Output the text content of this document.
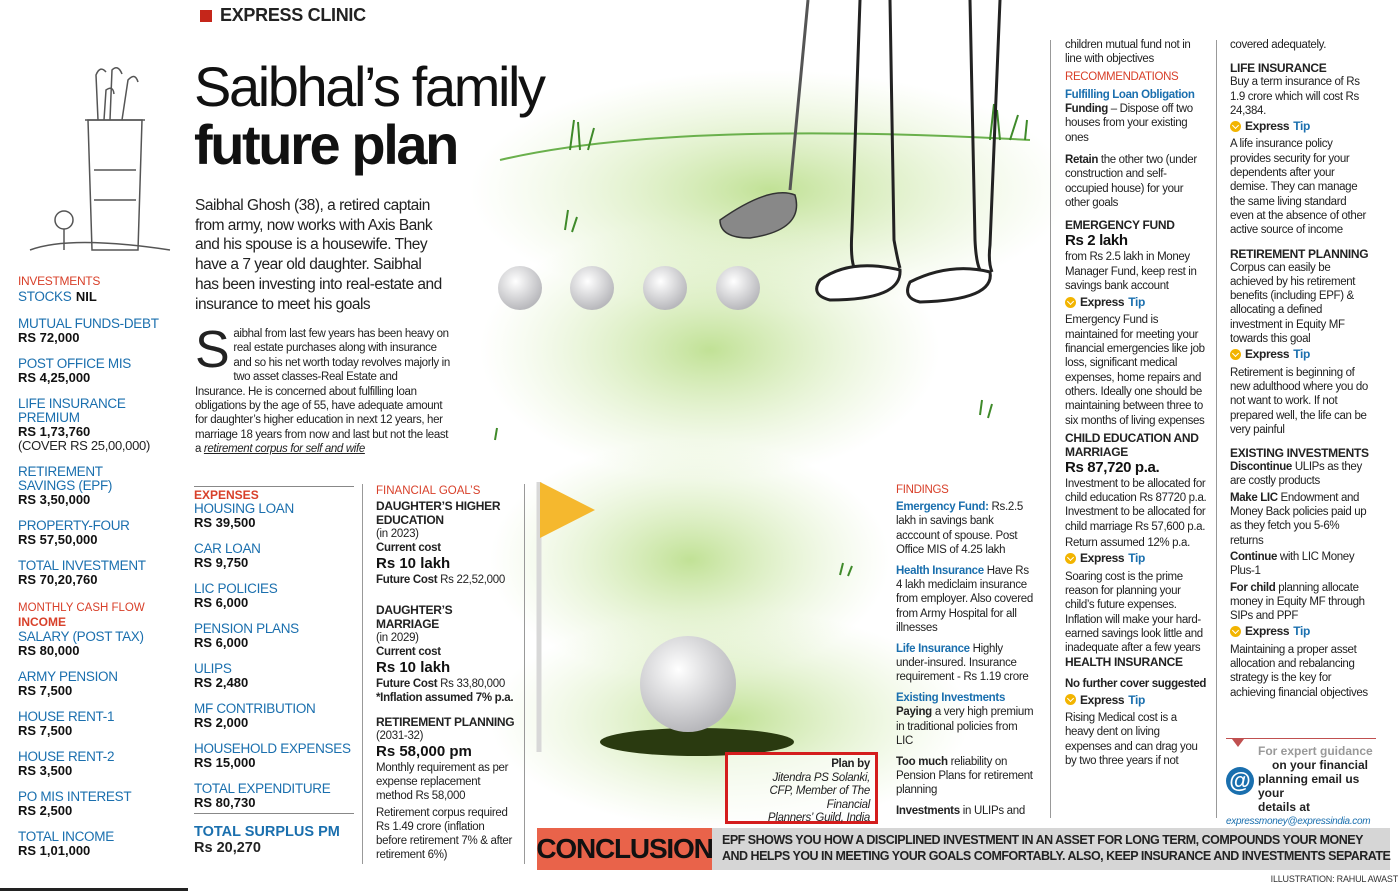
EXPRESS CLINIC
Saibhal’s family
future plan
Saibhal Ghosh (38), a retired captain from army, now works with Axis Bank and his spouse is a housewife. They have a 7 year old daughter. Saibhal has been investing into real-estate and insurance to meet his goals
S aibhal from last few years has been heavy on real estate purchases along with insurance and so his net worth today revolves majorly in two asset classes-Real Estate and Insurance. He is concerned about fulfilling loan obligations by the age of 55, have adequate amount for daughter’s higher education in next 12 years, her marriage 18 years from now and last but not the least a retirement corpus for self and wife
INVESTMENTS
STOCKS NIL
MUTUAL FUNDS-DEBT
RS 72,000
POST OFFICE MIS
RS 4,25,000
LIFE INSURANCE PREMIUM
RS 1,73,760
(COVER RS 25,00,000)
RETIREMENT
SAVINGS (EPF)
RS 3,50,000
PROPERTY-FOUR
RS 57,50,000
TOTAL INVESTMENT
RS 70,20,760
MONTHLY CASH FLOW
INCOME
SALARY (POST TAX)
RS 80,000
ARMY PENSION
RS 7,500
HOUSE RENT-1
RS 7,500
HOUSE RENT-2
RS 3,500
PO MIS INTEREST
RS 2,500
TOTAL INCOME
RS 1,01,000
EXPENSES
HOUSING LOAN
RS 39,500
CAR LOAN
RS 9,750
LIC POLICIES
RS 6,000
PENSION PLANS
RS 6,000
ULIPS
RS 2,480
MF CONTRIBUTION
RS 2,000
HOUSEHOLD EXPENSES
RS 15,000
TOTAL EXPENDITURE
RS 80,730
TOTAL SURPLUS PM
Rs 20,270
FINANCIAL GOAL’S
DAUGHTER’S HIGHER
EDUCATION
(in 2023)
Current cost
Rs 10 lakh
Future Cost Rs 22,52,000
DAUGHTER’S MARRIAGE
(in 2029)
Current cost
Rs 10 lakh
Future Cost Rs 33,80,000
*Inflation assumed 7% p.a.
RETIREMENT PLANNING
(2031-32)
Rs 58,000 pm
Monthly requirement as per expense replacement method Rs 58,000
Retirement corpus required Rs 1.49 crore (inflation before retirement 7% & after retirement 6%)
Plan by
Jitendra PS Solanki,
CFP, Member of The Financial
Planners’ Guild, India
FINDINGS

Emergency Fund: Rs.2.5 lakh in savings bank acccount of spouse. Post Office MIS of 4.25 lakh

Health Insurance Have Rs 4 lakh mediclaim insurance from employer. Also covered from Army Hospital for all illnesses

Life Insurance Highly under-insured. Insurance requirement - Rs 1.19 crore

Existing Investments Paying a very high premium in traditional policies from LIC

Too much reliability on Pension Plans for retirement planning

Investments in ULIPs and

children mutual fund not in line with objectives

RECOMMENDATIONS
Fulfilling Loan Obligation

Funding – Dispose off two houses from your existing ones

Retain the other two (under construction and self-occupied house) for your other goals

EMERGENCY FUND
Rs 2 lakh

from Rs 2.5 lakh in Money Manager Fund, keep rest in savings bank account

Express Tip

Emergency Fund is maintained for meeting your financial emergencies like job loss, significant medical expenses, home repairs and others. Ideally one should be maintaining between three to six months of living expenses

CHILD EDUCATION AND MARRIAGE
Rs 87,720 p.a.

Investment to be allocated for child education Rs 87720 p.a. Investment to be allocated for child marriage Rs 57,600 p.a.

Return assumed 12% p.a.

Express Tip

Soaring cost is the prime reason for planning your child’s future expenses. Inflation will make your hard-earned savings look little and inadequate after a few years

HEALTH INSURANCE

No further cover suggested

Express Tip

Rising Medical cost is a heavy dent on living expenses and can drag you by two three years if not

covered adequately.

LIFE INSURANCE

Buy a term insurance of Rs 1.9 crore which will cost Rs 24,384.

Express Tip

A life insurance policy provides security for your dependents after your demise. They can manage the same living standard even at the absence of other active source of income

RETIREMENT PLANNING

Corpus can easily be achieved by his retirement benefits (including EPF) & allocating a defined investment in Equity MF towards this goal

Express Tip

Retirement is beginning of new adulthood where you do not want to work. If not prepared well, the life can be very painful

EXISTING INVESTMENTS

Discontinue ULIPs as they are costly products

Make LIC Endowment and Money Back policies paid up as they fetch you 5-6% returns

Continue with LIC Money Plus-1

For child planning allocate money in Equity MF through SIPs and PPF

Express Tip

Maintaining a proper asset allocation and rebalancing strategy is the key for achieving financial objectives

@
For expert guidance
on your financial
planning email us your
details at
expressmoney@expressindia.com
CONCLUSION EPF SHOWS YOU HOW A DISCIPLINED INVESTMENT IN AN ASSET FOR LONG TERM, COMPOUNDS YOUR MONEY
AND HELPS YOU IN MEETING YOUR GOALS COMFORTABLY. ALSO, KEEP INSURANCE AND INVESTMENTS SEPARATE
ILLUSTRATION: RAHUL AWAST
